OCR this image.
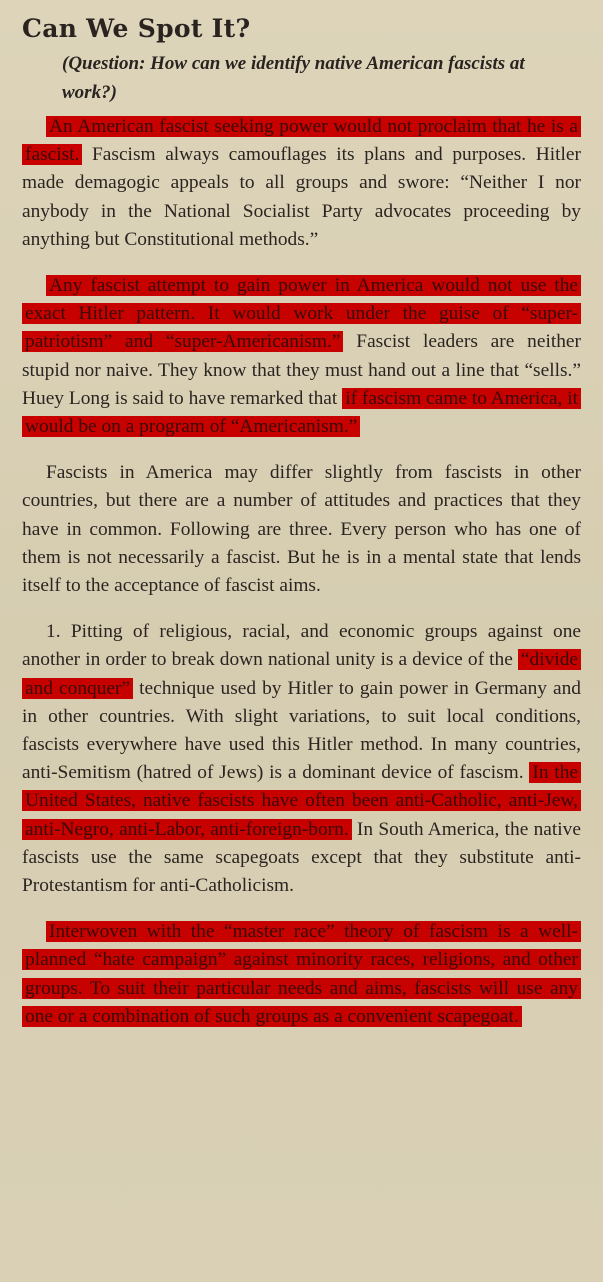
Can We Spot It?
(Question: How can we identify native American fascists at work?)

An American fascist seeking power would not proclaim that he is a fascist. Fascism always camouflages its plans and purposes. Hitler made demagogic appeals to all groups and swore: “Neither I nor anybody in the National Socialist Party advocates proceeding by anything but Constitutional methods.”

Any fascist attempt to gain power in America would not use the exact Hitler pattern. It would work under the guise of “super-patriotism” and “super-Americanism.” Fascist leaders are neither stupid nor naive. They know that they must hand out a line that “sells.” Huey Long is said to have remarked that if fascism came to America, it would be on a program of “Americanism.”

Fascists in America may differ slightly from fascists in other countries, but there are a number of attitudes and practices that they have in common. Following are three. Every person who has one of them is not necessarily a fascist. But he is in a mental state that lends itself to the acceptance of fascist aims.

1. Pitting of religious, racial, and economic groups against one another in order to break down national unity is a device of the “divide and conquer” technique used by Hitler to gain power in Germany and in other countries. With slight variations, to suit local conditions, fascists everywhere have used this Hitler method. In many countries, anti-Semitism (hatred of Jews) is a dominant device of fascism. In the United States, native fascists have often been anti-Catholic, anti-Jew, anti-Negro, anti-Labor, anti-foreign-born. In South America, the native fascists use the same scapegoats except that they substitute anti-Protestantism for anti-Catholicism.

Interwoven with the “master race” theory of fascism is a well-planned “hate campaign” against minority races, religions, and other groups. To suit their particular needs and aims, fascists will use any one or a combination of such groups as a convenient scapegoat.
